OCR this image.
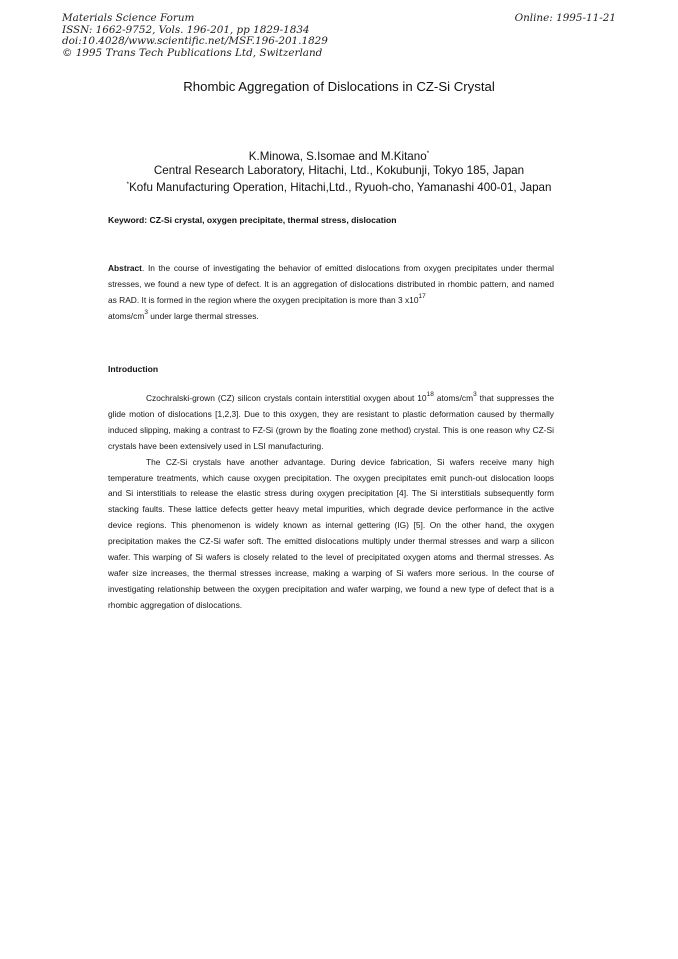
Materials Science Forum
ISSN: 1662-9752, Vols. 196-201, pp 1829-1834
doi:10.4028/www.scientific.net/MSF.196-201.1829
© 1995 Trans Tech Publications Ltd, Switzerland
Online: 1995-11-21
Rhombic Aggregation of Dislocations in CZ-Si Crystal
K.Minowa, S.Isomae and M.Kitano*
Central Research Laboratory, Hitachi, Ltd., Kokubunji, Tokyo 185, Japan
*Kofu Manufacturing Operation, Hitachi,Ltd., Ryuoh-cho, Yamanashi 400-01, Japan
Keyword: CZ-Si crystal, oxygen precipitate, thermal stress, dislocation
Abstract. In the course of investigating the behavior of emitted dislocations from oxygen precipitates under thermal stresses, we found a new type of defect. It is an aggregation of dislocations distributed in rhombic pattern, and named as RAD. It is formed in the region where the oxygen precipitation is more than 3 $x10^{17}$
atoms/$cm^3$ under large thermal stresses.
Introduction

Czochralski-grown (CZ) silicon crystals contain interstitial oxygen about $10^{18}$ atoms/$cm^3$ that suppresses the glide motion of dislocations [1,2,3]. Due to this oxygen, they are resistant to plastic deformation caused by thermally induced slipping, making a contrast to FZ-Si (grown by the floating zone method) crystal. This is one reason why CZ-Si crystals have been extensively used in LSI manufacturing.

The CZ-Si crystals have another advantage. During device fabrication, Si wafers receive many high temperature treatments, which cause oxygen precipitation. The oxygen precipitates emit punch-out dislocation loops and Si interstitials to release the elastic stress during oxygen precipitation [4]. The Si interstitials subsequently form stacking faults. These lattice defects getter heavy metal impurities, which degrade device performance in the active device regions. This phenomenon is widely known as internal gettering (IG) [5]. On the other hand, the oxygen precipitation makes the CZ-Si wafer soft. The emitted dislocations multiply under thermal stresses and warp a silicon wafer. This warping of Si wafers is closely related to the level of precipitated oxygen atoms and thermal stresses. As wafer size increases, the thermal stresses increase, making a warping of Si wafers more serious. In the course of investigating relationship between the oxygen precipitation and wafer warping, we found a new type of defect that is a rhombic aggregation of dislocations.
